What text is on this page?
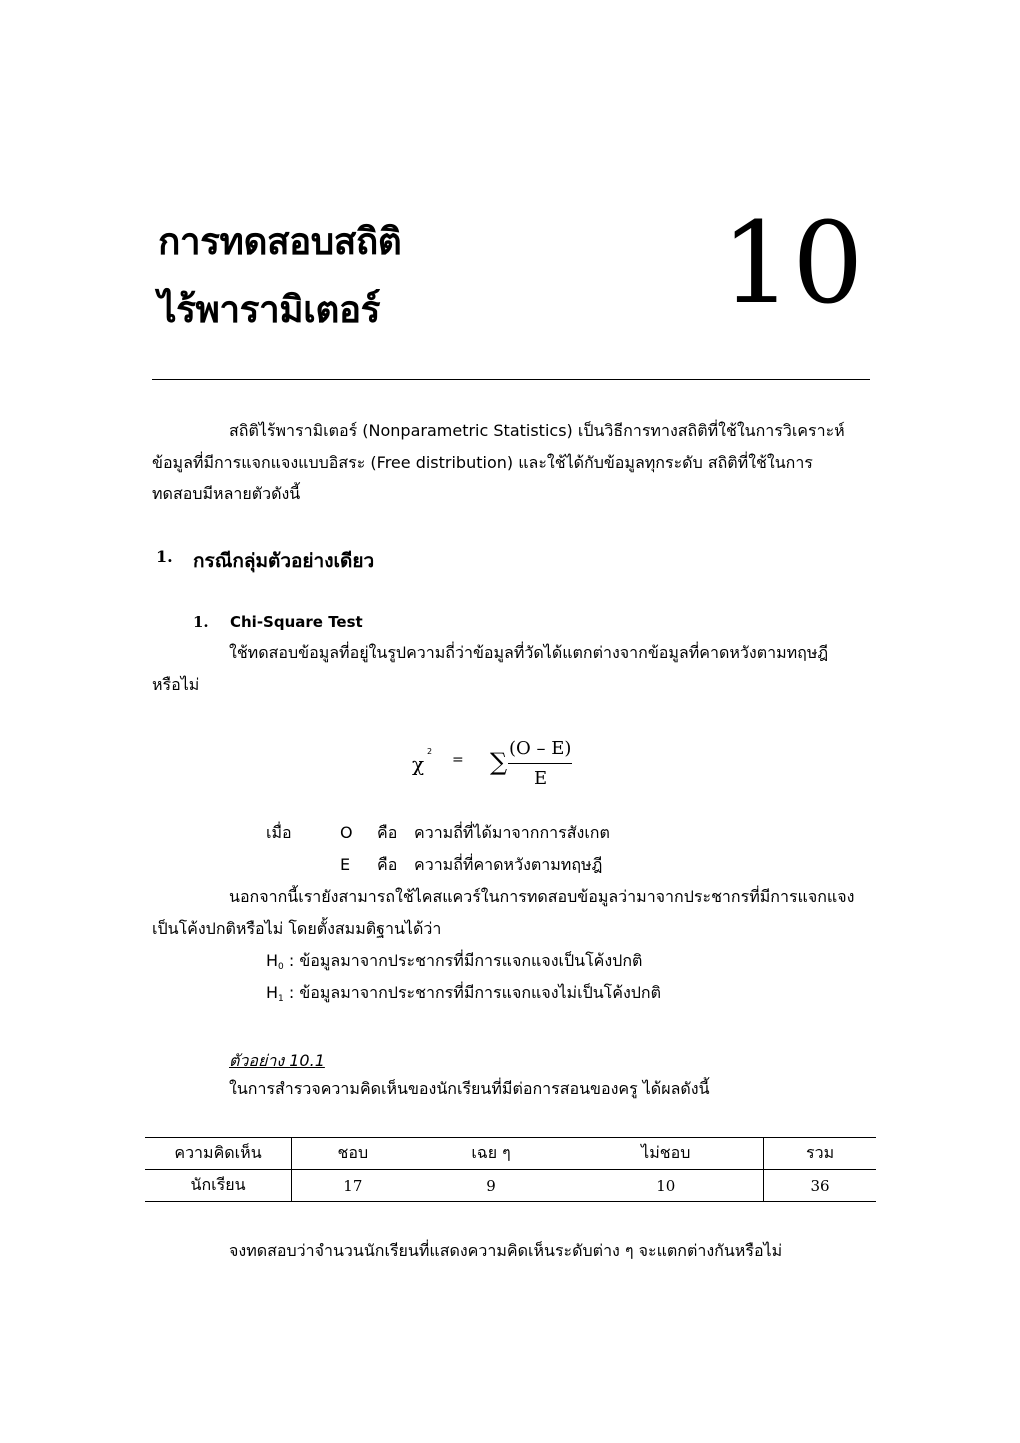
การทดสอบสถิติ
ไร้พารามิเตอร์	10
สถิติไร้พารามิเตอร์ (Nonparametric Statistics) เป็นวิธีการทางสถิติที่ใช้ในการวิเคราะห์
ข้อมูลที่มีการแจกแจงแบบอิสระ (Free distribution) และใช้ได้กับข้อมูลทุกระดับ สถิติที่ใช้ในการ
ทดสอบมีหลายตัวดังนี้
1. กรณีกลุ่มตัวอย่างเดียว
1. Chi-Square Test
ใช้ทดสอบข้อมูลที่อยู่ในรูปความถี่ว่าข้อมูลที่วัดได้แตกต่างจากข้อมูลที่คาดหวังตามทฤษฎี
หรือไม่
χ
2
= ∑ (O – E)
E
เมื่อ	O คือ ความถี่ที่ได้มาจากการสังเกต
E คือ ความถี่ที่คาดหวังตามทฤษฎี
นอกจากนี้เรายังสามารถใช้ไคสแควร์ในการทดสอบข้อมูลว่ามาจากประชากรที่มีการแจกแจง
เป็นโค้งปกติหรือไม่ โดยตั้งสมมติฐานได้ว่า
$H_0$ : ข้อมูลมาจากประชากรที่มีการแจกแจงเป็นโค้งปกติ
$H_1$ : ข้อมูลมาจากประชากรที่มีการแจกแจงไม่เป็นโค้งปกติ
ตัวอย่าง 10.1
ในการสำรวจความคิดเห็นของนักเรียนที่มีต่อการสอนของครู ได้ผลดังนี้
ความคิดเห็น	ชอบ	เฉย ๆ	ไม่ชอบ	รวม
นักเรียน	17	9	10	36
จงทดสอบว่าจำนวนนักเรียนที่แสดงความคิดเห็นระดับต่าง ๆ จะแตกต่างกันหรือไม่
